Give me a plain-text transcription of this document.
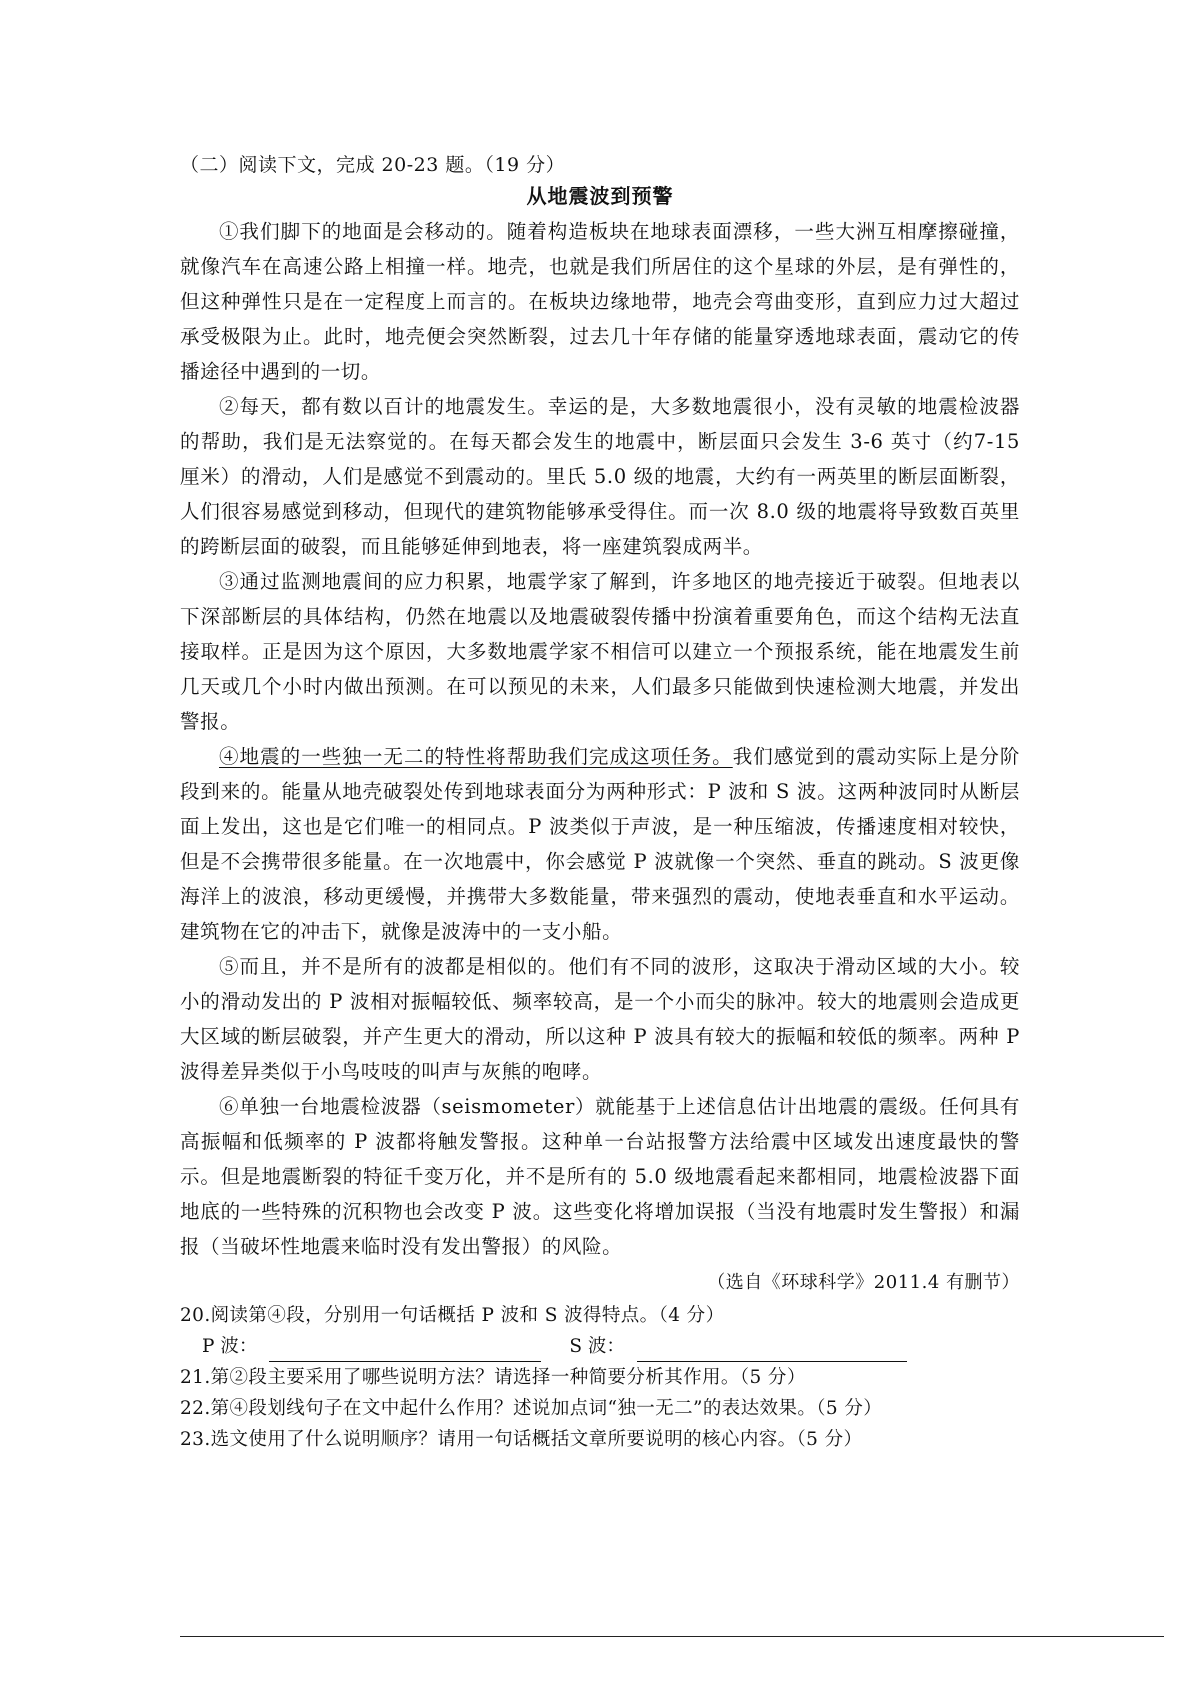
（二）阅读下文，完成 20-23 题。（19 分）

从地震波到预警

①我们脚下的地面是会移动的。随着构造板块在地球表面漂移，一些大洲互相摩擦碰撞，就像汽车在高速公路上相撞一样。地壳，也就是我们所居住的这个星球的外层，是有弹性的，但这种弹性只是在一定程度上而言的。在板块边缘地带，地壳会弯曲变形，直到应力过大超过承受极限为止。此时，地壳便会突然断裂，过去几十年存储的能量穿透地球表面，震动它的传播途径中遇到的一切。

②每天，都有数以百计的地震发生。幸运的是，大多数地震很小，没有灵敏的地震检波器的帮助，我们是无法察觉的。在每天都会发生的地震中，断层面只会发生 3-6 英寸（约7-15 厘米）的滑动，人们是感觉不到震动的。里氏 5.0 级的地震，大约有一两英里的断层面断裂，人们很容易感觉到移动，但现代的建筑物能够承受得住。而一次 8.0 级的地震将导致数百英里的跨断层面的破裂，而且能够延伸到地表，将一座建筑裂成两半。

③通过监测地震间的应力积累，地震学家了解到，许多地区的地壳接近于破裂。但地表以下深部断层的具体结构，仍然在地震以及地震破裂传播中扮演着重要角色，而这个结构无法直接取样。正是因为这个原因，大多数地震学家不相信可以建立一个预报系统，能在地震发生前几天或几个小时内做出预测。在可以预见的未来，人们最多只能做到快速检测大地震，并发出警报。

④地震的一些独一无二的特性将帮助我们完成这项任务。我们感觉到的震动实际上是分阶段到来的。能量从地壳破裂处传到地球表面分为两种形式：P 波和 S 波。这两种波同时从断层面上发出，这也是它们唯一的相同点。P 波类似于声波，是一种压缩波，传播速度相对较快，但是不会携带很多能量。在一次地震中，你会感觉 P 波就像一个突然、垂直的跳动。S 波更像海洋上的波浪，移动更缓慢，并携带大多数能量，带来强烈的震动，使地表垂直和水平运动。建筑物在它的冲击下，就像是波涛中的一支小船。

⑤而且，并不是所有的波都是相似的。他们有不同的波形，这取决于滑动区域的大小。较小的滑动发出的 P 波相对振幅较低、频率较高，是一个小而尖的脉冲。较大的地震则会造成更大区域的断层破裂，并产生更大的滑动，所以这种 P 波具有较大的振幅和较低的频率。两种 P 波得差异类似于小鸟吱吱的叫声与灰熊的咆哮。

⑥单独一台地震检波器（seismometer）就能基于上述信息估计出地震的震级。任何具有高振幅和低频率的 P 波都将触发警报。这种单一台站报警方法给震中区域发出速度最快的警示。但是地震断裂的特征千变万化，并不是所有的 5.0 级地震看起来都相同，地震检波器下面地底的一些特殊的沉积物也会改变 P 波。这些变化将增加误报（当没有地震时发生警报）和漏报（当破坏性地震来临时没有发出警报）的风险。

（选自《环球科学》2011.4 有删节）

20.阅读第④段，分别用一句话概括 P 波和 S 波得特点。（4 分）

P 波：	S 波：

21.第②段主要采用了哪些说明方法？请选择一种简要分析其作用。（5 分）

22.第④段划线句子在文中起什么作用？述说加点词“独一无二”的表达效果。（5 分）

23.选文使用了什么说明顺序？请用一句话概括文章所要说明的核心内容。（5 分）
